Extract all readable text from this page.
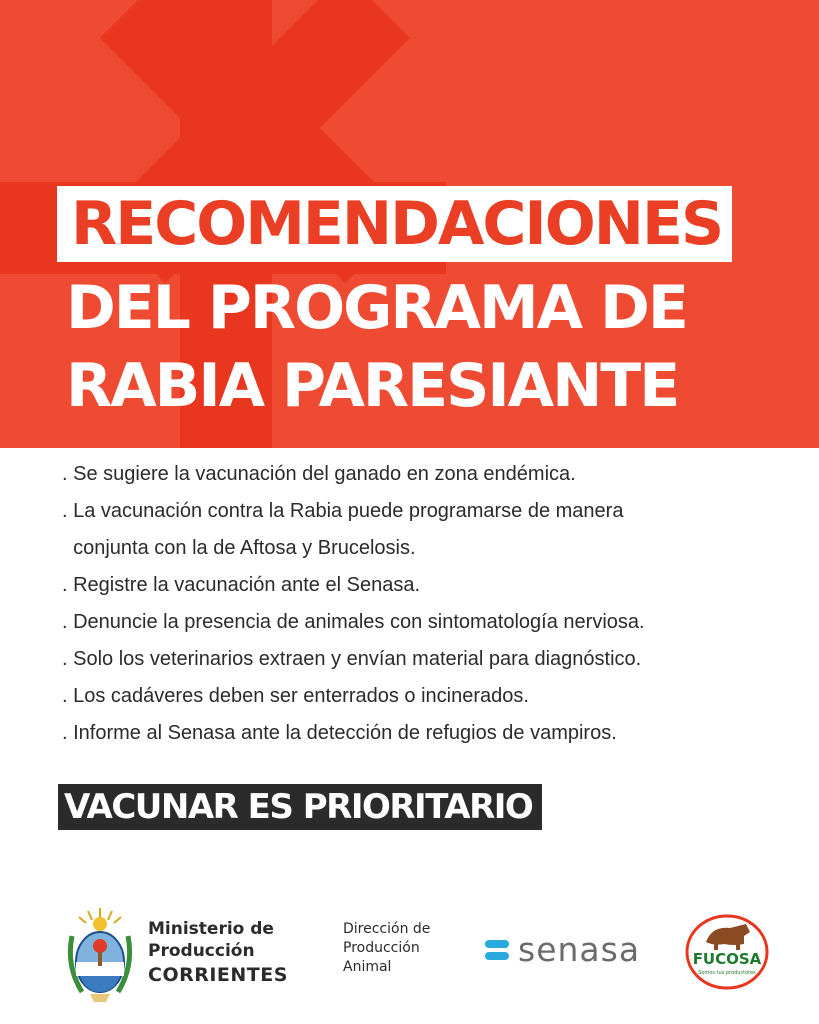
RECOMENDACIONES
DEL PROGRAMA DE
RABIA PARESIANTE
. Se sugiere la vacunación del ganado en zona endémica.
. La vacunación contra la Rabia puede programarse de manera
conjunta con la de Aftosa y Brucelosis.
. Registre la vacunación ante el Senasa.
. Denuncie la presencia de animales con sintomatología nerviosa.
. Solo los veterinarios extraen y envían material para diagnóstico.
. Los cadáveres deben ser enterrados o incinerados.
. Informe al Senasa ante la detección de refugios de vampiros.
VACUNAR ES PRIORITARIO
Ministerio de
Producción
CORRIENTES
Dirección de
Producción
Animal	senasa	FUCOSA
Somos tus productores
